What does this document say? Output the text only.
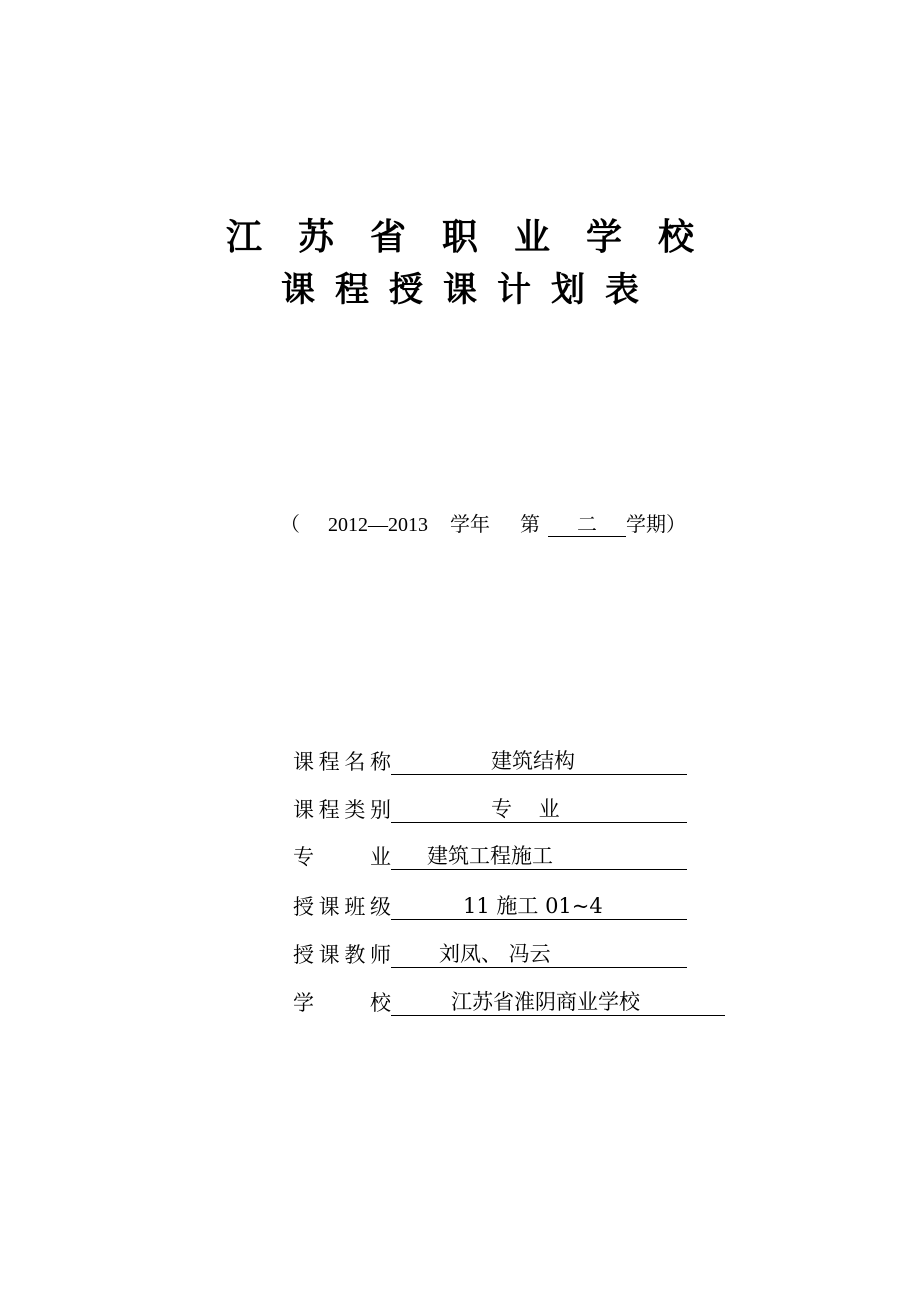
江苏省职业学校
课程授课计划表
（ 2012—2013 学年 第 二 学期）
课程名称	建筑结构
课程类别	专 业
专业 建筑工程施工
授课班级	11 施工 01~4
授课教师 刘凤、 冯云
学校	江苏省淮阴商业学校
